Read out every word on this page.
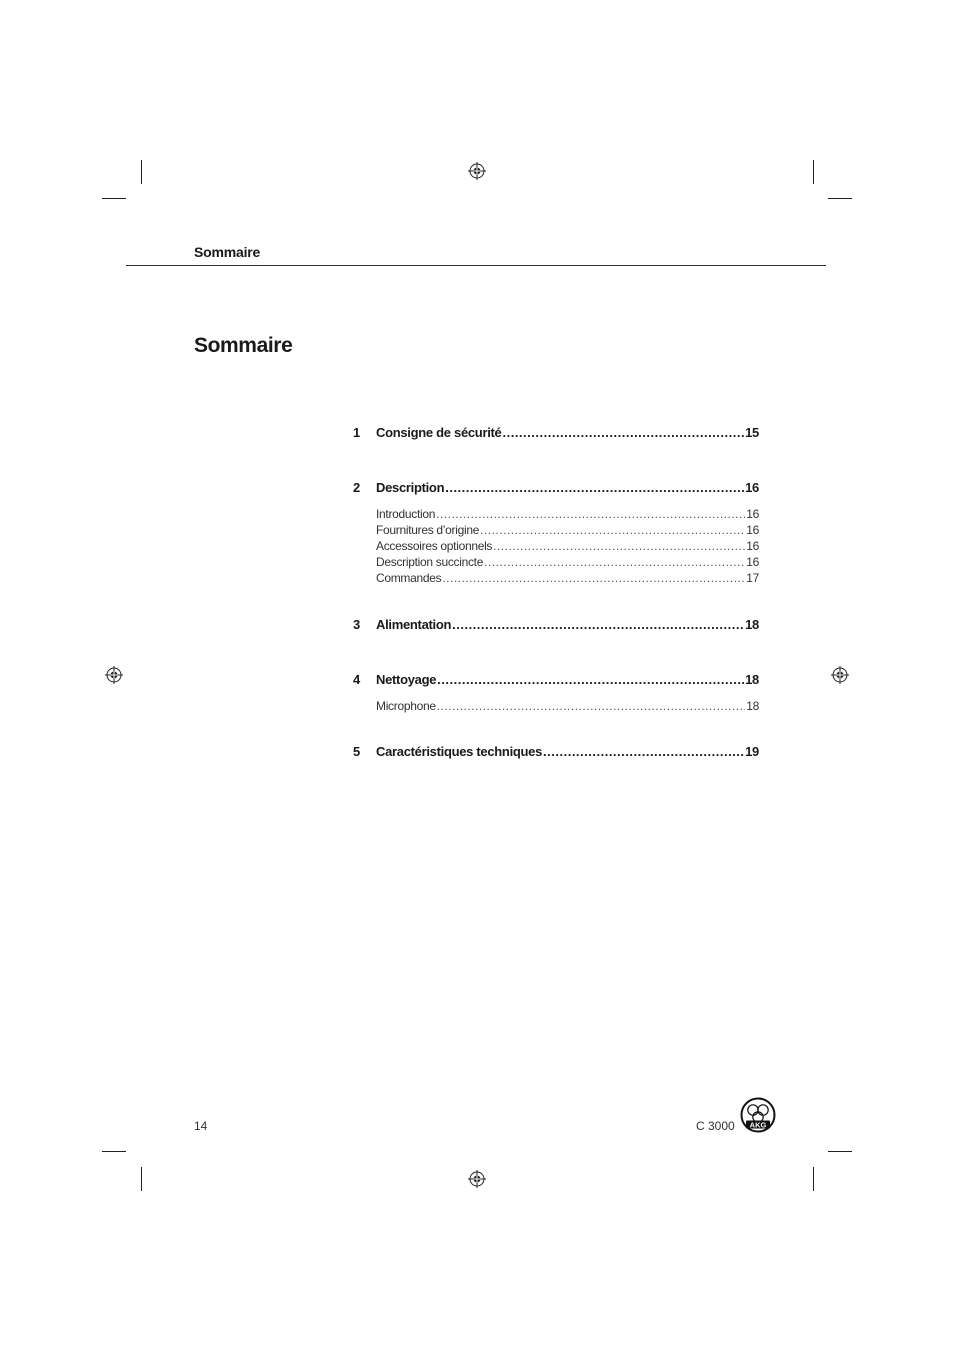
Sommaire
Sommaire
1	Consigne de sécurité .....	15
2	Description .....	16
Introduction .....	16
Fournitures d’origine .....	16
Accessoires optionnels .....	16
Description succincte .....	16
Commandes .....	17
3	Alimentation .....	18
4	Nettoyage .....	18
Microphone .....	18
5	Caractéristiques techniques .....	19
14	C 3000 AKG
